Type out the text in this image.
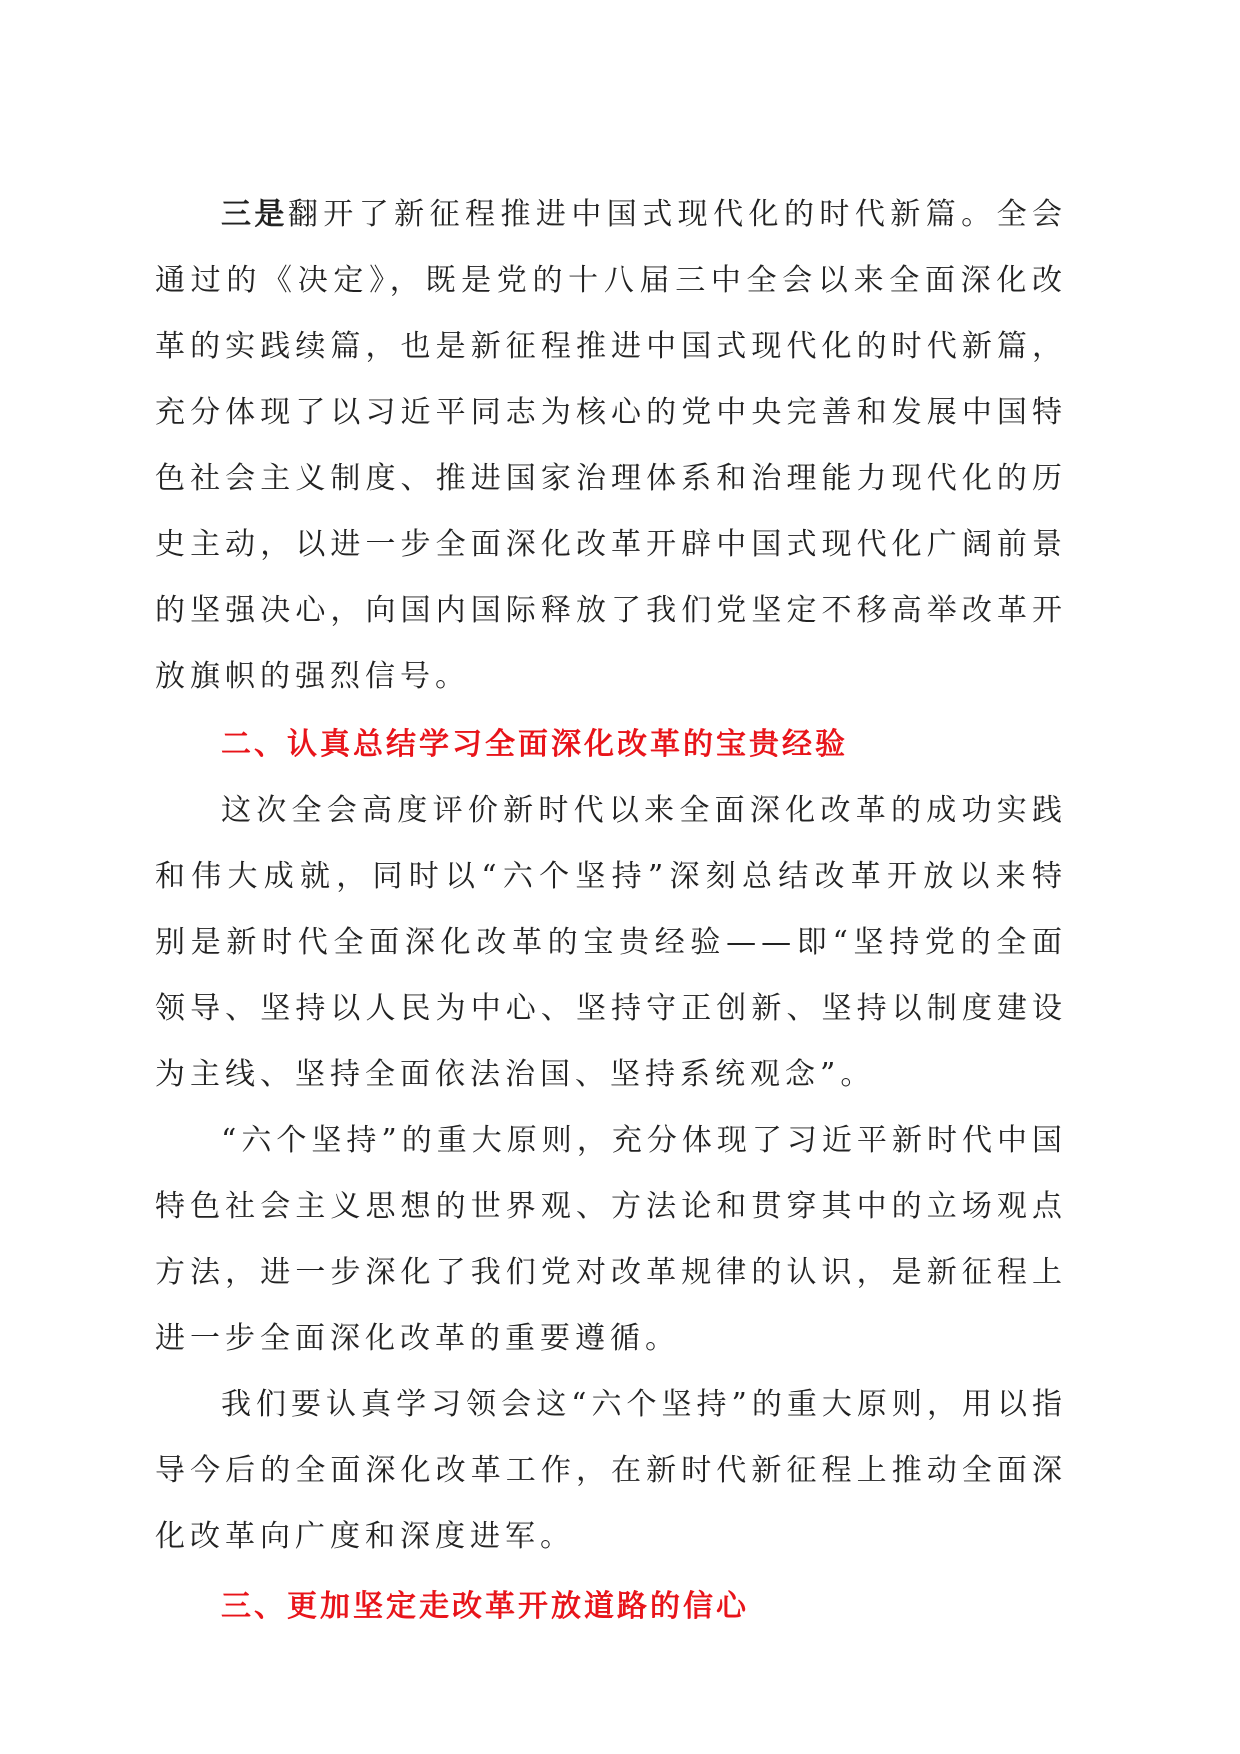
三是翻开了新征程推进中国式现代化的时代新篇。全会通过的《决定》，既是党的十八届三中全会以来全面深化改革的实践续篇，也是新征程推进中国式现代化的时代新篇，充分体现了以习近平同志为核心的党中央完善和发展中国特色社会主义制度、推进国家治理体系和治理能力现代化的历史主动，以进一步全面深化改革开辟中国式现代化广阔前景的坚强决心，向国内国际释放了我们党坚定不移高举改革开放旗帜的强烈信号。

二、认真总结学习全面深化改革的宝贵经验

这次全会高度评价新时代以来全面深化改革的成功实践和伟大成就，同时以“六个坚持”深刻总结改革开放以来特别是新时代全面深化改革的宝贵经验——即“坚持党的全面领导、坚持以人民为中心、坚持守正创新、坚持以制度建设为主线、坚持全面依法治国、坚持系统观念”。

“六个坚持”的重大原则，充分体现了习近平新时代中国特色社会主义思想的世界观、方法论和贯穿其中的立场观点方法，进一步深化了我们党对改革规律的认识，是新征程上进一步全面深化改革的重要遵循。

我们要认真学习领会这“六个坚持”的重大原则，用以指导今后的全面深化改革工作，在新时代新征程上推动全面深化改革向广度和深度进军。

三、更加坚定走改革开放道路的信心
